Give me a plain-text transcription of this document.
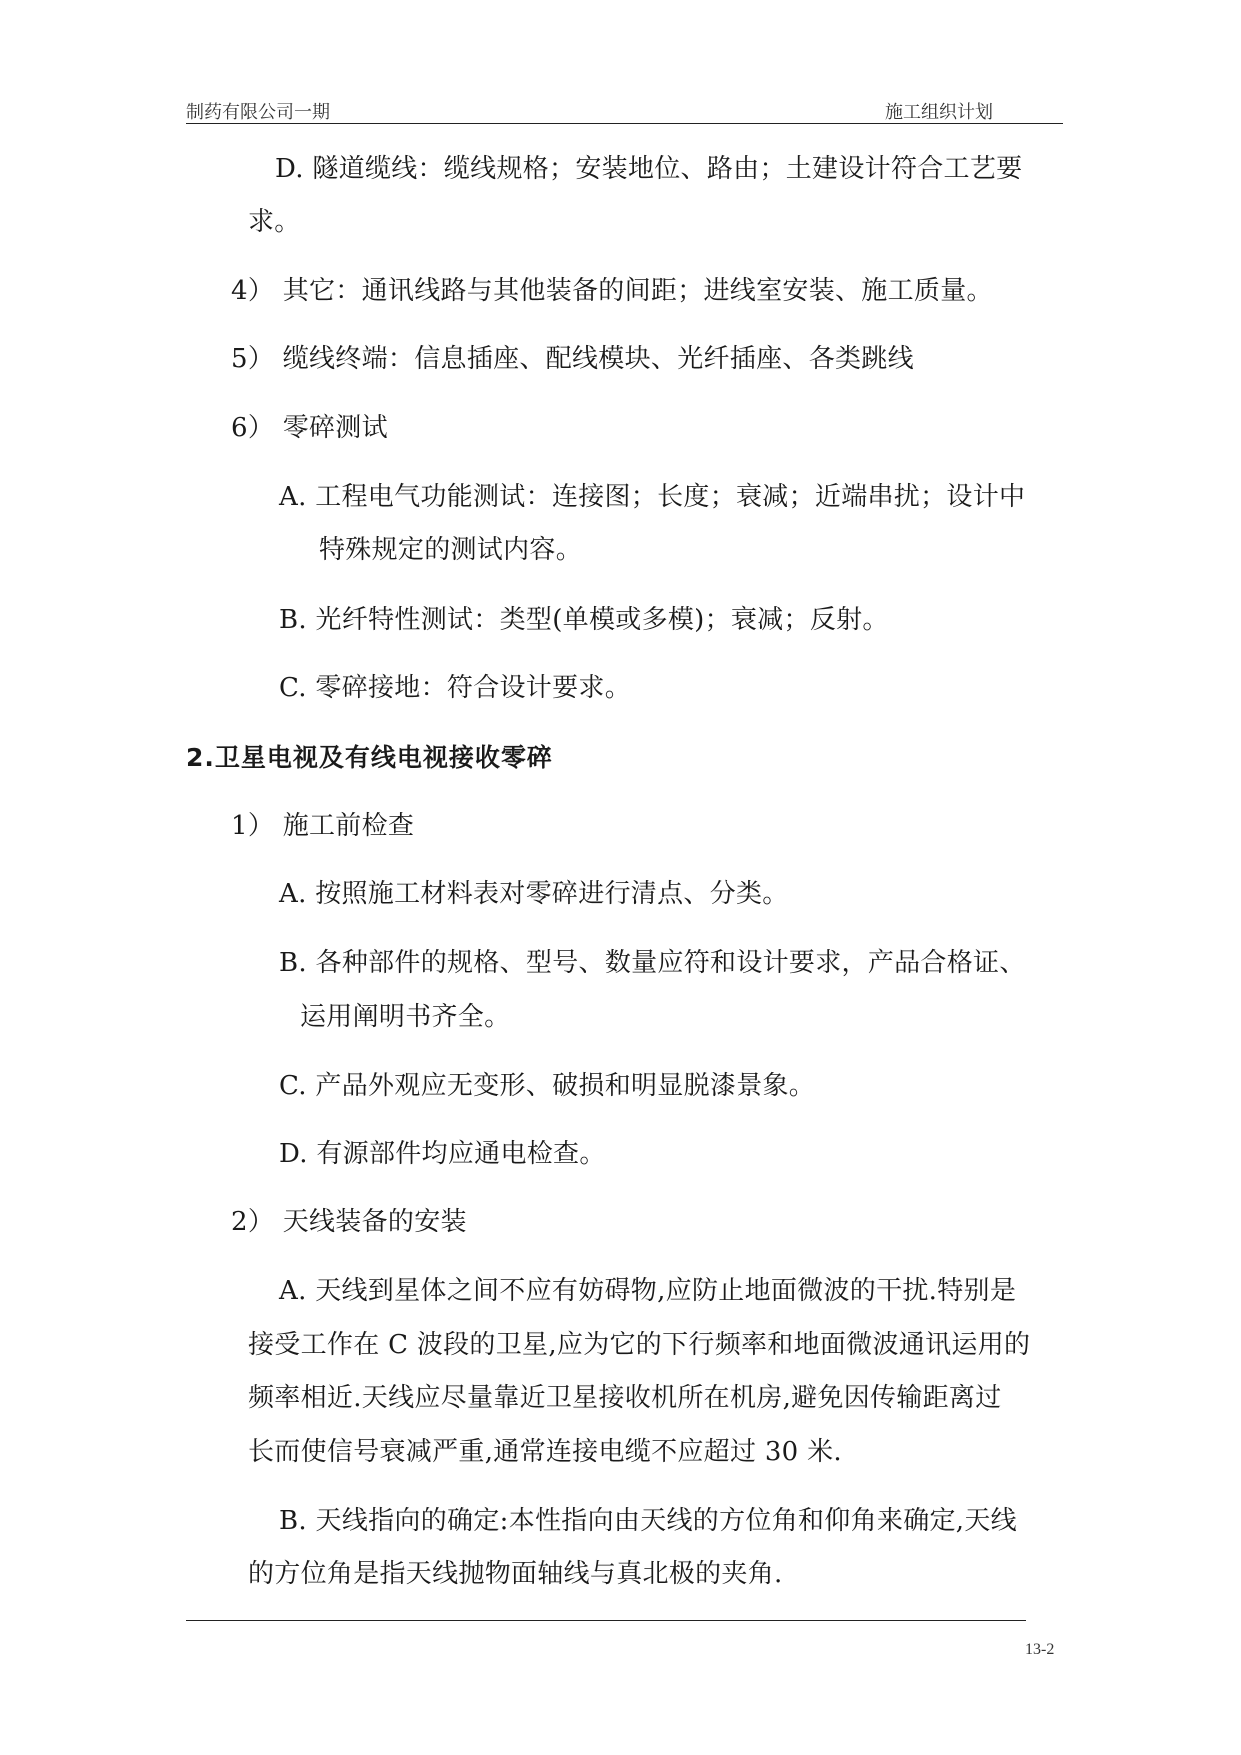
制药有限公司一期	施工组织计划
D. 隧道缆线：缆线规格；安装地位、路由；土建设计符合工艺要
求。
4） 其它：通讯线路与其他装备的间距；进线室安装、施工质量。
5） 缆线终端：信息插座、配线模块、光纤插座、各类跳线
6） 零碎测试
A. 工程电气功能测试：连接图；长度；衰减；近端串扰；设计中
特殊规定的测试内容。
B. 光纤特性测试：类型(单模或多模)；衰减；反射。
C. 零碎接地：符合设计要求。
2.卫星电视及有线电视接收零碎
1） 施工前检查
A. 按照施工材料表对零碎进行清点、分类。
B. 各种部件的规格、型号、数量应符和设计要求，产品合格证、
运用阐明书齐全。
C. 产品外观应无变形、破损和明显脱漆景象。
D. 有源部件均应通电检查。
2） 天线装备的安装
A. 天线到星体之间不应有妨碍物,应防止地面微波的干扰.特别是
接受工作在 C 波段的卫星,应为它的下行频率和地面微波通讯运用的
频率相近.天线应尽量靠近卫星接收机所在机房,避免因传输距离过
长而使信号衰减严重,通常连接电缆不应超过 30 米.
B. 天线指向的确定:本性指向由天线的方位角和仰角来确定,天线
的方位角是指天线抛物面轴线与真北极的夹角.
13-2
